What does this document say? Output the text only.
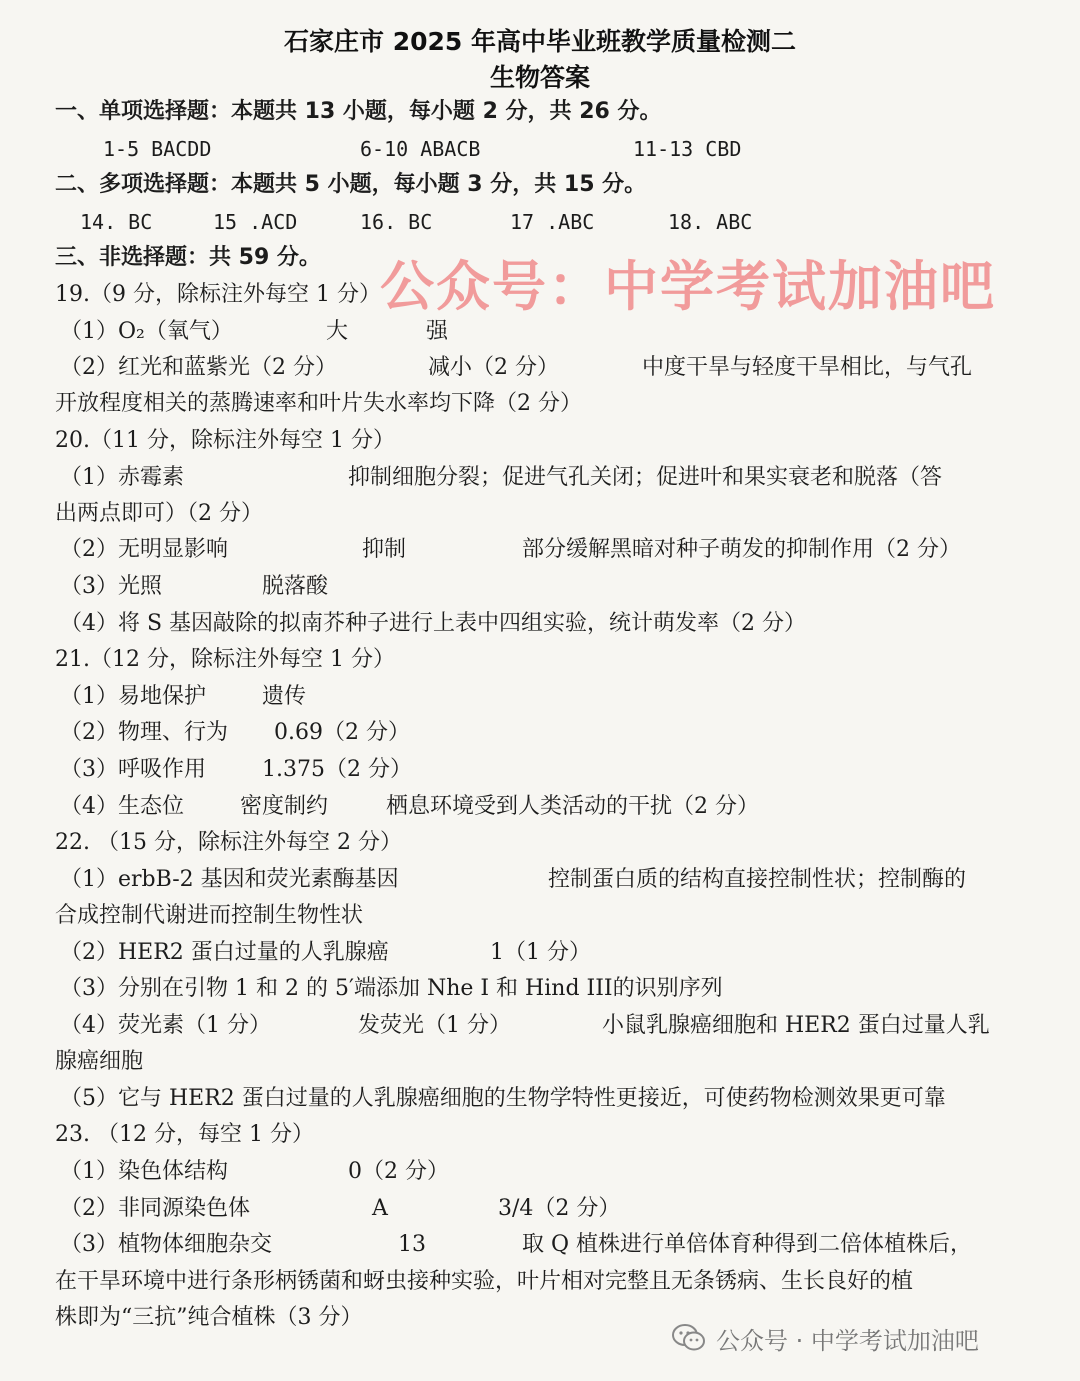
石家庄市 2025 年高中毕业班教学质量检测二
生物答案
一、单项选择题：本题共 13 小题，每小题 2 分，共 26 分。
1-5 BACDD	6-10 ABACB	11-13 CBD
二、多项选择题：本题共 5 小题，每小题 3 分，共 15 分。
14. BC	15 .ACD	16. BC	17 .ABC	18. ABC
三、非选择题：共 59 分。
19.（9 分，除标注外每空 1 分）
（1）O₂（氧气）	大	强
（2）红光和蓝紫光（2 分）	减小（2 分）	中度干旱与轻度干旱相比，与气孔
开放程度相关的蒸腾速率和叶片失水率均下降（2 分）
20.（11 分，除标注外每空 1 分）
（1）赤霉素	抑制细胞分裂；促进气孔关闭；促进叶和果实衰老和脱落（答
出两点即可）（2 分）
（2）无明显影响	抑制	部分缓解黑暗对种子萌发的抑制作用（2 分）
（3）光照	脱落酸
（4）将 S 基因敲除的拟南芥种子进行上表中四组实验，统计萌发率（2 分）
21.（12 分，除标注外每空 1 分）
（1）易地保护	遗传
（2）物理、行为 0.69（2 分）
（3）呼吸作用	1.375（2 分）
（4）生态位	密度制约	栖息环境受到人类活动的干扰（2 分）
22. （15 分，除标注外每空 2 分）
（1）erbB-2 基因和荧光素酶基因	控制蛋白质的结构直接控制性状；控制酶的
合成控制代谢进而控制生物性状
（2）HER2 蛋白过量的人乳腺癌	1（1 分）
（3）分别在引物 1 和 2 的 5′端添加 Nhe I 和 Hind III的识别序列
（4）荧光素（1 分）	发荧光（1 分）	小鼠乳腺癌细胞和 HER2 蛋白过量人乳
腺癌细胞
（5）它与 HER2 蛋白过量的人乳腺癌细胞的生物学特性更接近，可使药物检测效果更可靠
23. （12 分，每空 1 分）
（1）染色体结构	0（2 分）
（2）非同源染色体	A	3/4（2 分）
（3）植物体细胞杂交	13	取 Q 植株进行单倍体育种得到二倍体植株后，
在干旱环境中进行条形柄锈菌和蚜虫接种实验，叶片相对完整且无条锈病、生长良好的植
株即为“三抗”纯合植株（3 分）
公众号：中学考试加油吧
公众号 · 中学考试加油吧
